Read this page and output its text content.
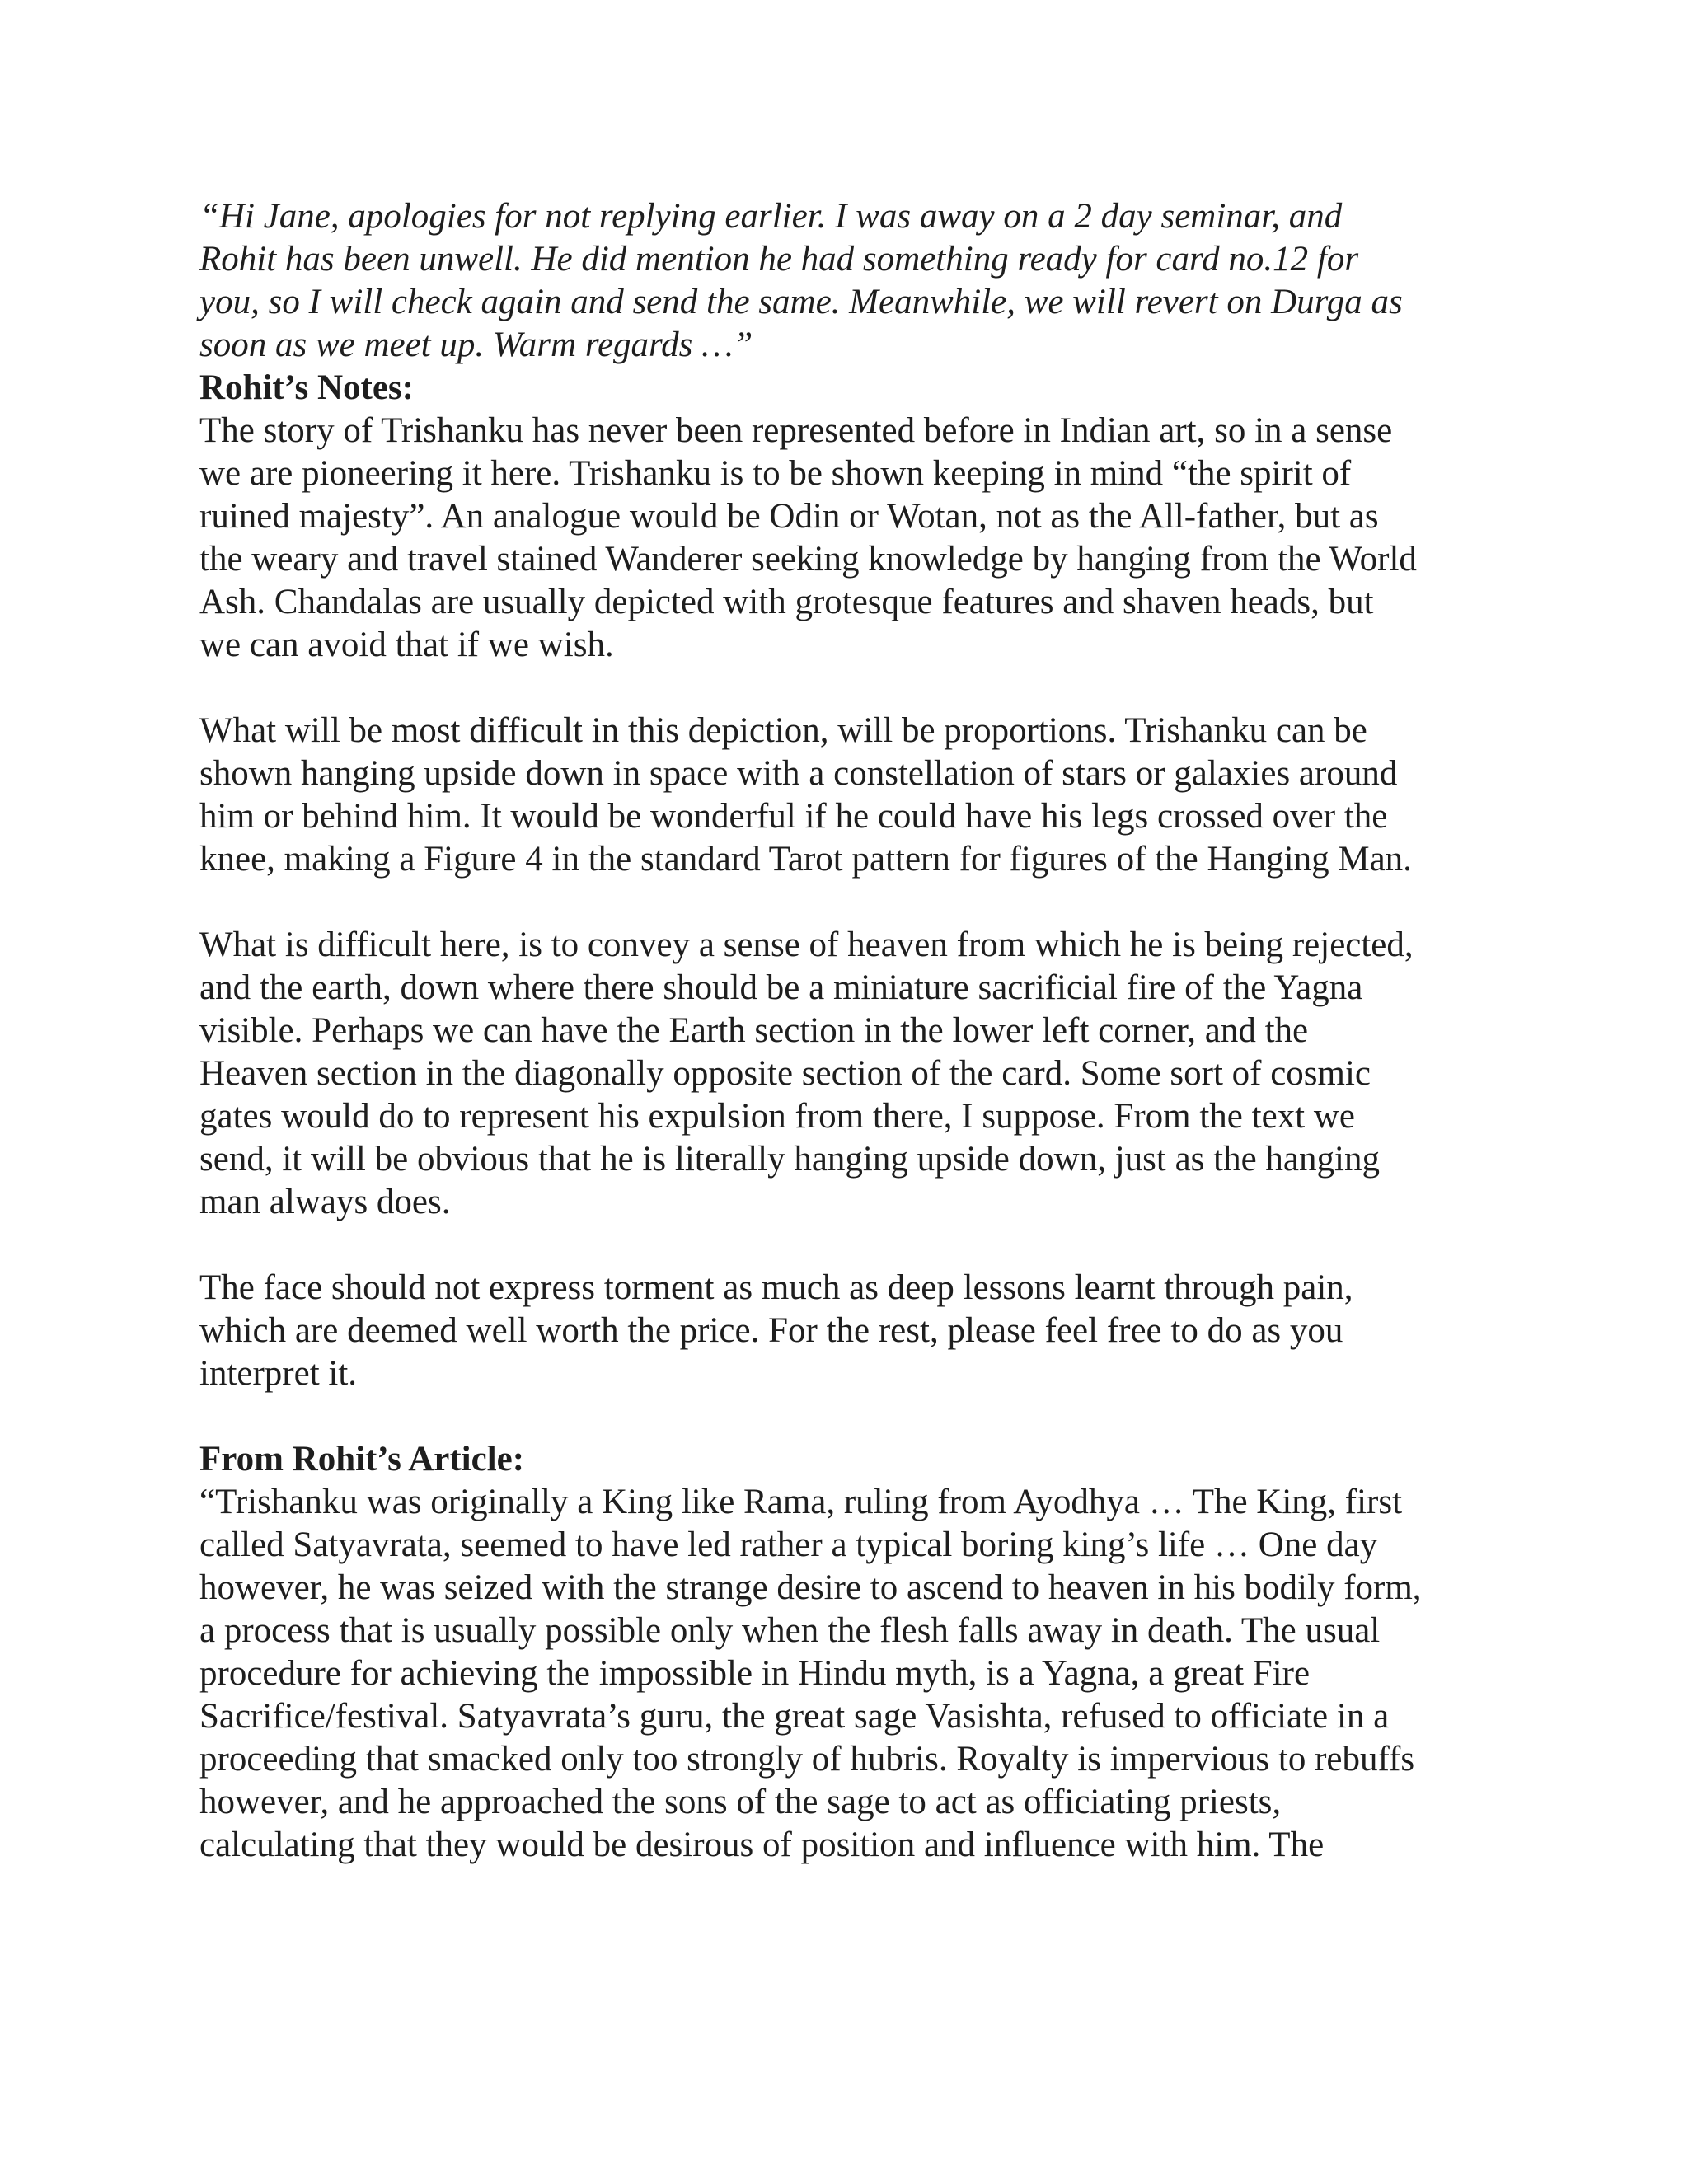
“Hi Jane, apologies for not replying earlier. I was away on a 2 day seminar, and
Rohit has been unwell. He did mention he had something ready for card no.12 for
you, so I will check again and send the same. Meanwhile, we will revert on Durga as
soon as we meet up. Warm regards …”
Rohit’s Notes:
The story of Trishanku has never been represented before in Indian art, so in a sense
we are pioneering it here. Trishanku is to be shown keeping in mind “the spirit of
ruined majesty”. An analogue would be Odin or Wotan, not as the All-father, but as
the weary and travel stained Wanderer seeking knowledge by hanging from the World
Ash. Chandalas are usually depicted with grotesque features and shaven heads, but
we can avoid that if we wish.
What will be most difficult in this depiction, will be proportions. Trishanku can be
shown hanging upside down in space with a constellation of stars or galaxies around
him or behind him. It would be wonderful if he could have his legs crossed over the
knee, making a Figure 4 in the standard Tarot pattern for figures of the Hanging Man.
What is difficult here, is to convey a sense of heaven from which he is being rejected,
and the earth, down where there should be a miniature sacrificial fire of the Yagna
visible. Perhaps we can have the Earth section in the lower left corner, and the
Heaven section in the diagonally opposite section of the card. Some sort of cosmic
gates would do to represent his expulsion from there, I suppose. From the text we
send, it will be obvious that he is literally hanging upside down, just as the hanging
man always does.
The face should not express torment as much as deep lessons learnt through pain,
which are deemed well worth the price. For the rest, please feel free to do as you
interpret it.
From Rohit’s Article:
“Trishanku was originally a King like Rama, ruling from Ayodhya … The King, first
called Satyavrata, seemed to have led rather a typical boring king’s life … One day
however, he was seized with the strange desire to ascend to heaven in his bodily form,
a process that is usually possible only when the flesh falls away in death. The usual
procedure for achieving the impossible in Hindu myth, is a Yagna, a great Fire
Sacrifice/festival. Satyavrata’s guru, the great sage Vasishta, refused to officiate in a
proceeding that smacked only too strongly of hubris. Royalty is impervious to rebuffs
however, and he approached the sons of the sage to act as officiating priests,
calculating that they would be desirous of position and influence with him. The
